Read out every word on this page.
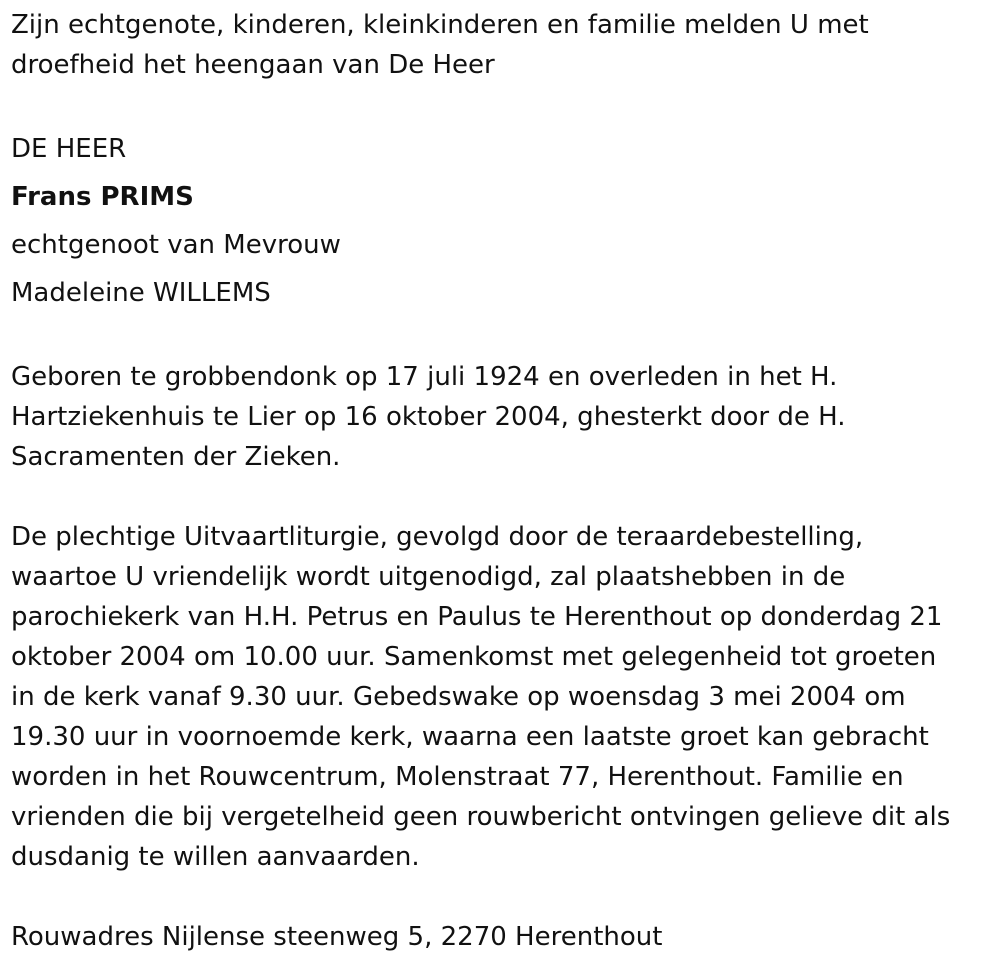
Zijn echtgenote, kinderen, kleinkinderen en familie melden U met
droefheid het heengaan van De Heer
DE HEER
Frans PRIMS
echtgenoot van Mevrouw
Madeleine WILLEMS
Geboren te grobbendonk op 17 juli 1924 en overleden in het H.
Hartziekenhuis te Lier op 16 oktober 2004, ghesterkt door de H.
Sacramenten der Zieken.
De plechtige Uitvaartliturgie, gevolgd door de teraardebestelling,
waartoe U vriendelijk wordt uitgenodigd, zal plaatshebben in de
parochiekerk van H.H. Petrus en Paulus te Herenthout op donderdag 21
oktober 2004 om 10.00 uur. Samenkomst met gelegenheid tot groeten
in de kerk vanaf 9.30 uur. Gebedswake op woensdag 3 mei 2004 om
19.30 uur in voornoemde kerk, waarna een laatste groet kan gebracht
worden in het Rouwcentrum, Molenstraat 77, Herenthout. Familie en
vrienden die bij vergetelheid geen rouwbericht ontvingen gelieve dit als
dusdanig te willen aanvaarden.
Rouwadres Nijlense steenweg 5, 2270 Herenthout
